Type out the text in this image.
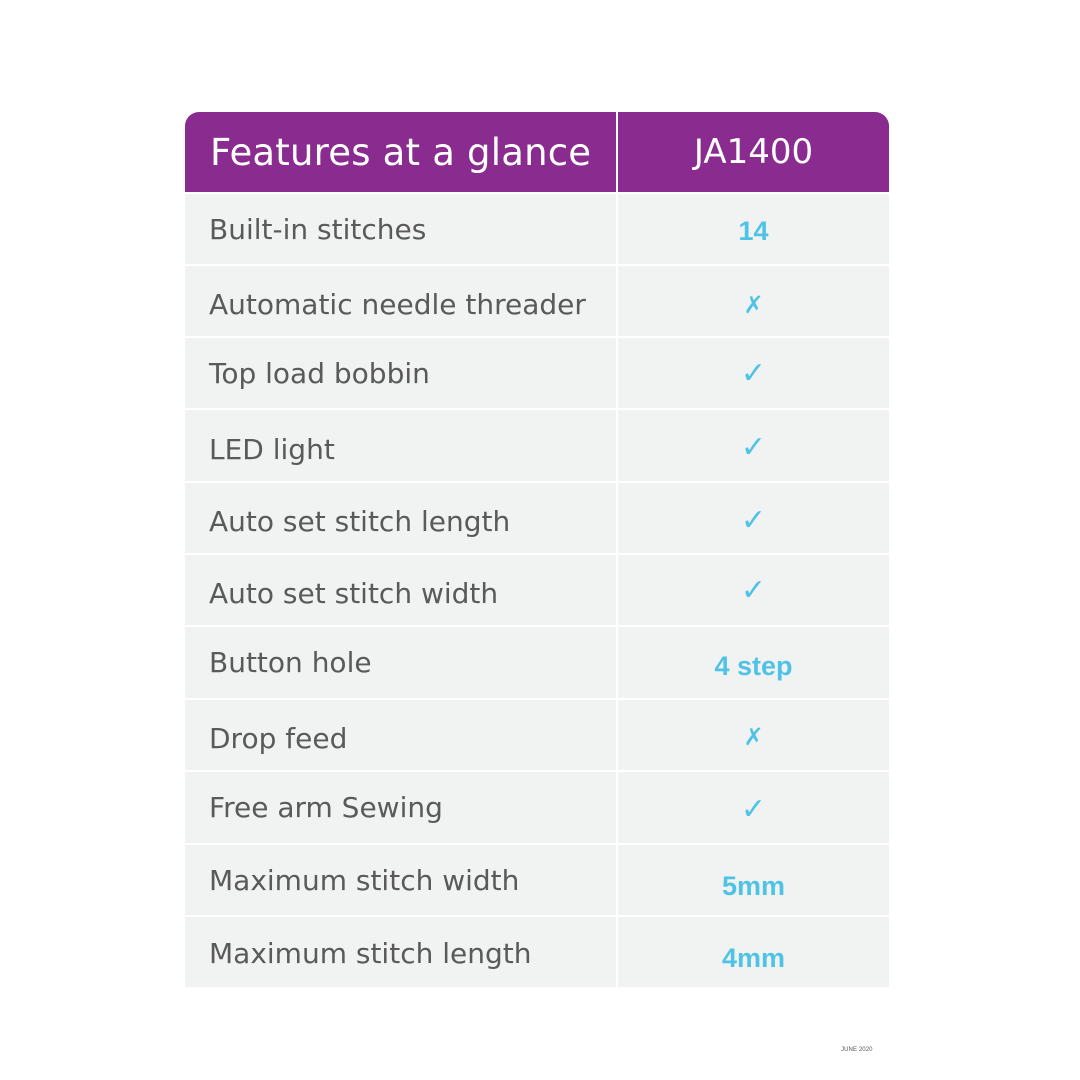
Features at a glance	JA1400
Built-in stitches	14
Automatic needle threader	✗
Top load bobbin	✓
LED light	✓
Auto set stitch length	✓
Auto set stitch width	✓
Button hole	4 step
Drop feed	✗
Free arm Sewing	✓
Maximum stitch width	5mm
Maximum stitch length	4mm
JUNE 2020
